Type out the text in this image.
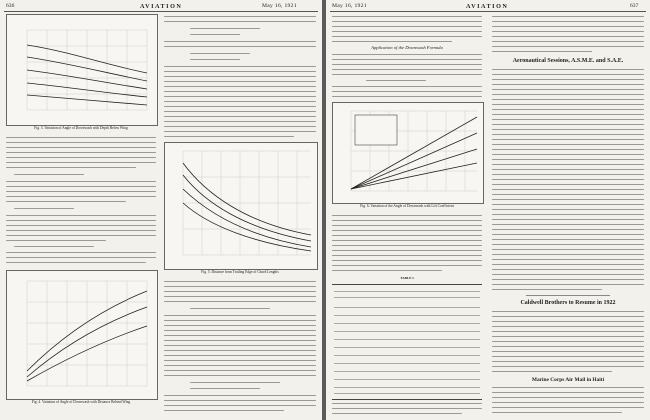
636	AVIATION	May 16, 1921
Fig. 3. Variation of Angle of Downwash with Depth Below Wing
Fig. 4. Variation of Angle of Downwash with Distance Behind Wing
Fig. 5. Distance from Trailing Edge of Chord Lengths
May 16, 1921	AVIATION	637
Application of the Downwash Formula
Fig. 6. Variation of the Angle of Downwash with Lift Coefficient
TABLE I
Aeronautical Sessions, A.S.M.E. and S.A.E.
Caldwell Brothers to Resume in 1922
Marine Corps Air Mail in Haiti
